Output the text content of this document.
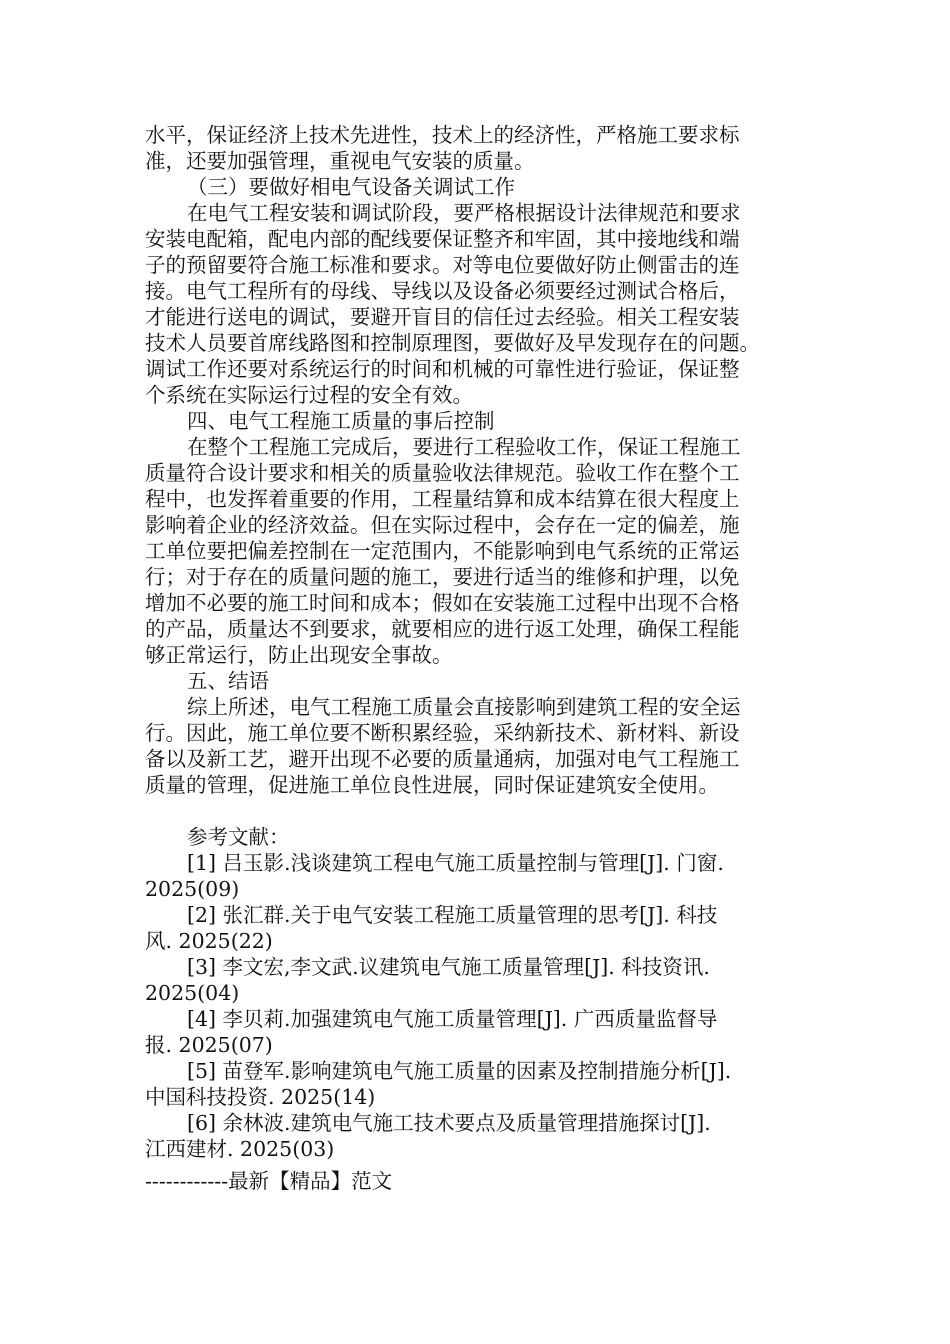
水平，保证经济上技术先进性，技术上的经济性，严格施工要求标
准，还要加强管理，重视电气安装的质量。
（三）要做好相电气设备关调试工作
在电气工程安装和调试阶段，要严格根据设计法律规范和要求
安装电配箱，配电内部的配线要保证整齐和牢固，其中接地线和端
子的预留要符合施工标准和要求。对等电位要做好防止侧雷击的连
接。电气工程所有的母线、导线以及设备必须要经过测试合格后，
才能进行送电的调试，要避开盲目的信任过去经验。相关工程安装
技术人员要首席线路图和控制原理图，要做好及早发现存在的问题。
调试工作还要对系统运行的时间和机械的可靠性进行验证，保证整
个系统在实际运行过程的安全有效。
四、电气工程施工质量的事后控制
在整个工程施工完成后，要进行工程验收工作，保证工程施工
质量符合设计要求和相关的质量验收法律规范。验收工作在整个工
程中，也发挥着重要的作用，工程量结算和成本结算在很大程度上
影响着企业的经济效益。但在实际过程中，会存在一定的偏差，施
工单位要把偏差控制在一定范围内，不能影响到电气系统的正常运
行；对于存在的质量问题的施工，要进行适当的维修和护理，以免
增加不必要的施工时间和成本；假如在安装施工过程中出现不合格
的产品，质量达不到要求，就要相应的进行返工处理，确保工程能
够正常运行，防止出现安全事故。
五、结语
综上所述，电气工程施工质量会直接影响到建筑工程的安全运
行。因此，施工单位要不断积累经验，采纳新技术、新材料、新设
备以及新工艺，避开出现不必要的质量通病，加强对电气工程施工
质量的管理，促进施工单位良性进展，同时保证建筑安全使用。
参考文献：
[1] 吕玉影.浅谈建筑工程电气施工质量控制与管理[J]. 门窗.
2025(09)
[2] 张汇群.关于电气安装工程施工质量管理的思考[J]. 科技
风. 2025(22)
[3] 李文宏,李文武.议建筑电气施工质量管理[J]. 科技资讯.
2025(04)
[4] 李贝莉.加强建筑电气施工质量管理[J]. 广西质量监督导
报. 2025(07)
[5] 苗登军.影响建筑电气施工质量的因素及控制措施分析[J].
中国科技投资. 2025(14)
[6] 余林波.建筑电气施工技术要点及质量管理措施探讨[J].
江西建材. 2025(03)
------------最新【精品】范文
